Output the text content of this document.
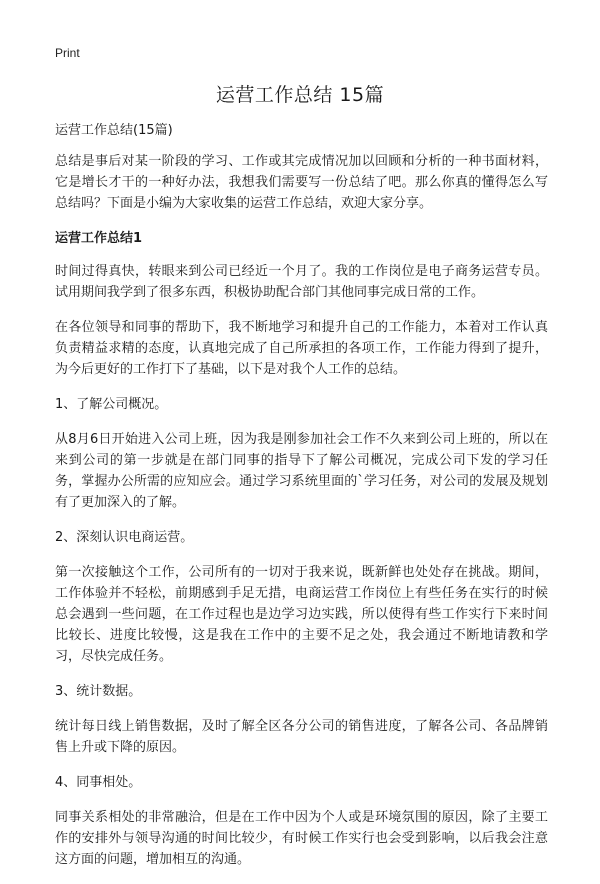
Print
运营工作总结 15篇

运营工作总结(15篇)

总结是事后对某一阶段的学习、工作或其完成情况加以回顾和分析的一种书面材料，它是增长才干的一种好办法，我想我们需要写一份总结了吧。那么你真的懂得怎么写总结吗？下面是小编为大家收集的运营工作总结，欢迎大家分享。

运营工作总结1

时间过得真快，转眼来到公司已经近一个月了。我的工作岗位是电子商务运营专员。试用期间我学到了很多东西，积极协助配合部门其他同事完成日常的工作。

在各位领导和同事的帮助下，我不断地学习和提升自己的工作能力，本着对工作认真负责精益求精的态度，认真地完成了自己所承担的各项工作，工作能力得到了提升，为今后更好的工作打下了基础，以下是对我个人工作的总结。

1、了解公司概况。

从8月6日开始进入公司上班，因为我是刚参加社会工作不久来到公司上班的，所以在来到公司的第一步就是在部门同事的指导下了解公司概况，完成公司下发的学习任务，掌握办公所需的应知应会。通过学习系统里面的`学习任务，对公司的发展及规划有了更加深入的了解。

2、深刻认识电商运营。

第一次接触这个工作，公司所有的一切对于我来说，既新鲜也处处存在挑战。期间，工作体验并不轻松，前期感到手足无措，电商运营工作岗位上有些任务在实行的时候总会遇到一些问题，在工作过程也是边学习边实践，所以使得有些工作实行下来时间比较长、进度比较慢，这是我在工作中的主要不足之处，我会通过不断地请教和学习，尽快完成任务。

3、统计数据。

统计每日线上销售数据，及时了解全区各分公司的销售进度，了解各公司、各品牌销售上升或下降的原因。

4、同事相处。

同事关系相处的非常融洽，但是在工作中因为个人或是环境氛围的原因，除了主要工作的安排外与领导沟通的时间比较少，有时候工作实行也会受到影响，以后我会注意这方面的问题，增加相互的沟通。
